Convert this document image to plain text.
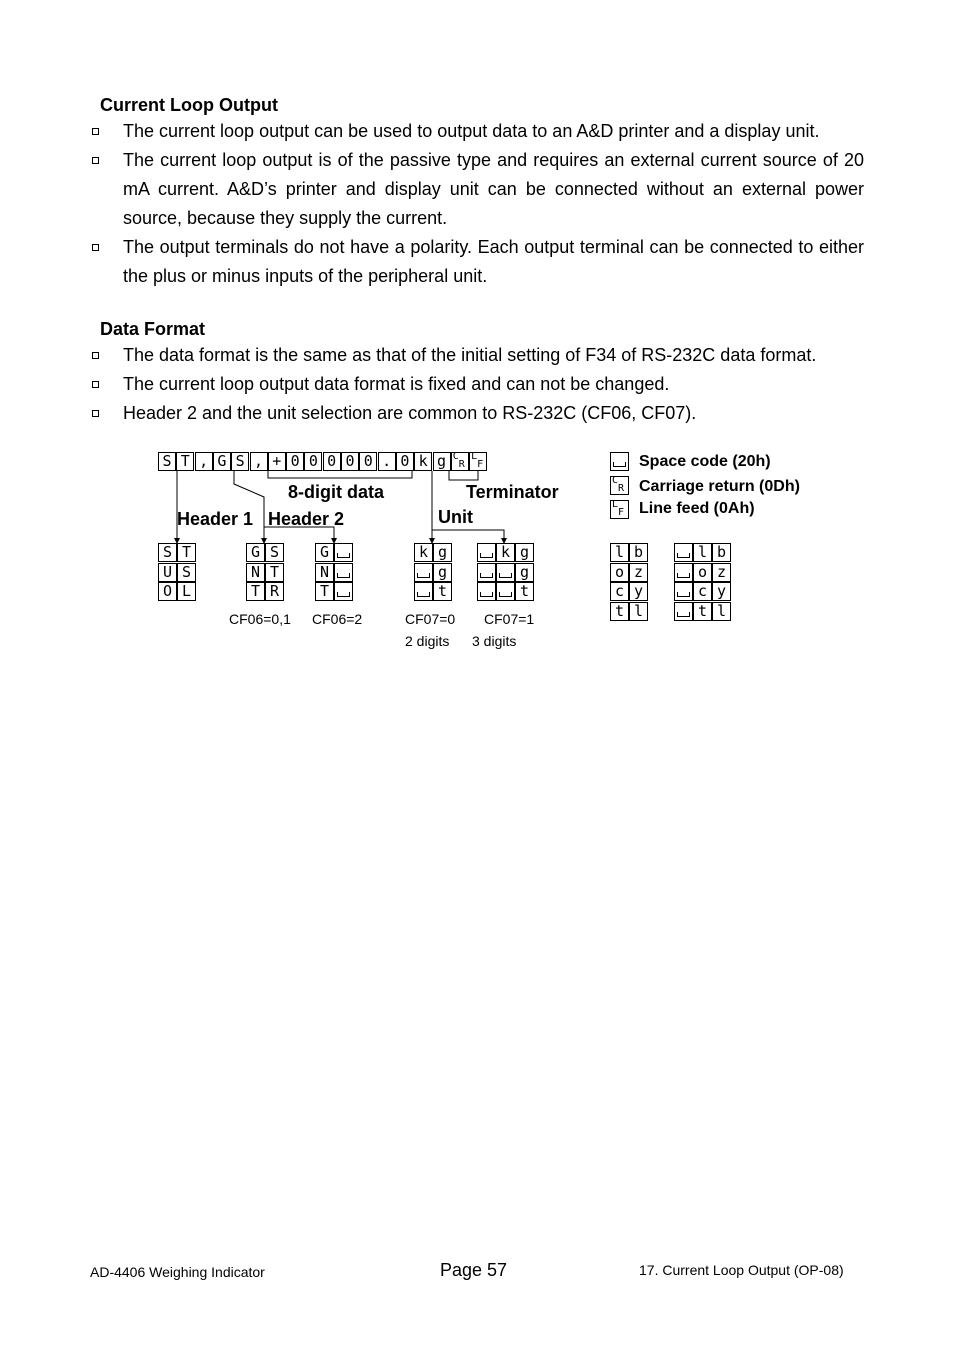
Current Loop Output
The current loop output can be used to output data to an A&D printer and a display unit.
The current loop output is of the passive type and requires an external current source of 20 mA current. A&D’s printer and display unit can be connected without an external power source, because they supply the current.
The output terminals do not have a polarity. Each output terminal can be connected to either the plus or minus inputs of the peripheral unit.
Data Format
The data format is the same as that of the initial setting of F34 of RS-232C data format.
The current loop output data format is fixed and can not be changed.
Header 2 and the unit selection are common to RS-232C (CF06, CF07).
S T , G S , + 0 0 0 0 0 . 0 k g C
R
L
F
8-digit data	Terminator
Header 1 Header 2	Unit
S T
U S
O L
G S
N T
T R
G
N
T
k g
g
t
k g
g
t
l b
o z
c y
t l
l b
o z
c y
t l
CF06=0,1 CF06=2	CF07=0 CF07=1
2 digits 3 digits
C
R
L
F
Space code (20h)
Carriage return (0Dh)
Line feed (0Ah)
AD-4406 Weighing Indicator	Page 57	17. Current Loop Output (OP-08)
